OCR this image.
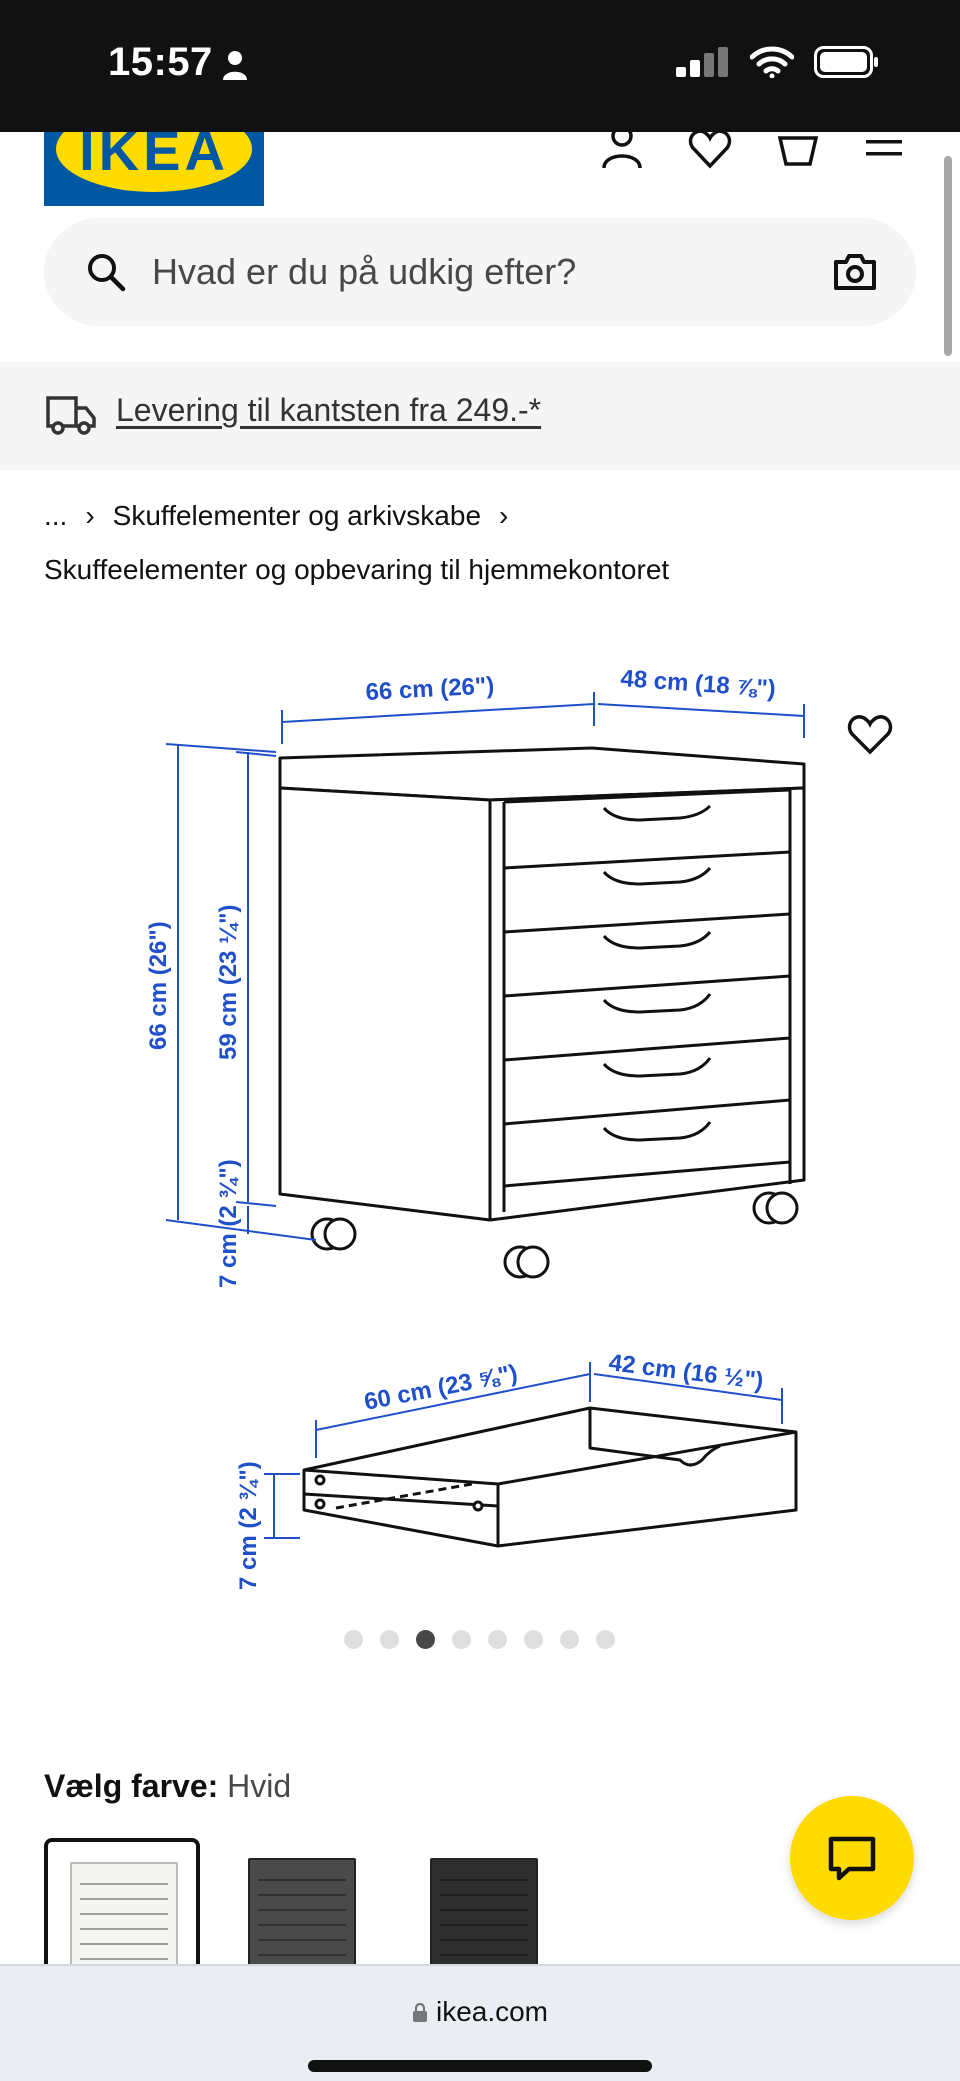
15:57
IKEA
Hvad er du på udkig efter?
Levering til kantsten fra 249.-*
... › Skuffelementer og arkivskabe ›
Skuffeelementer og opbevaring til hjemmekontoret
66 cm (26")	48 cm (18 ⅞")
66 cm (26") 59 cm (23 ¼")
7 cm (2 ¾")
60 cm (23 ⅝")	42 cm (16 ½")
7 cm (2 ¾")
Vælg farve: Hvid
ikea.com
